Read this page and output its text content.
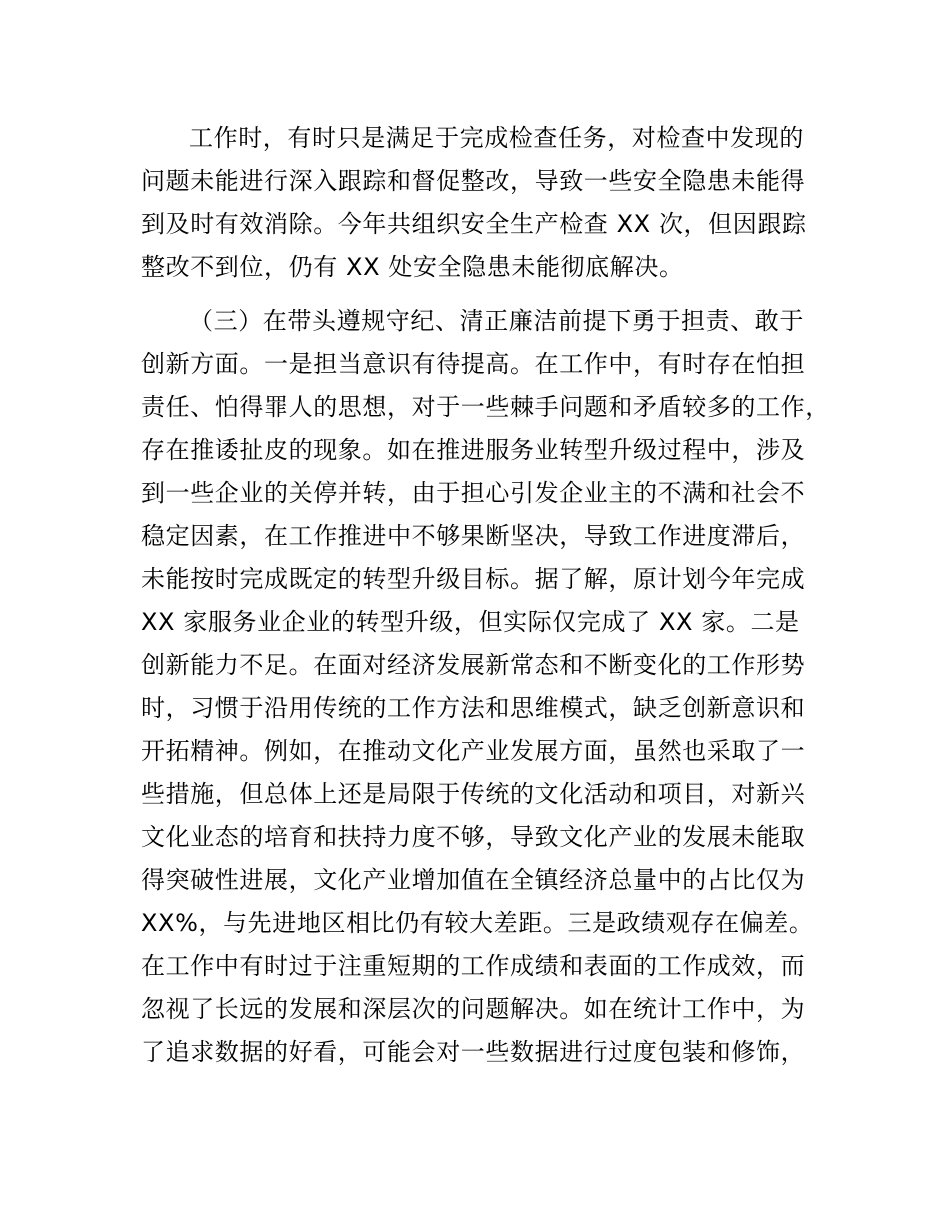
工作时，有时只是满足于完成检查任务，对检查中发现的
问题未能进行深入跟踪和督促整改，导致一些安全隐患未能得
到及时有效消除。今年共组织安全生产检查 XX 次，但因跟踪
整改不到位，仍有 XX 处安全隐患未能彻底解决。
（三）在带头遵规守纪、清正廉洁前提下勇于担责、敢于
创新方面。一是担当意识有待提高。在工作中，有时存在怕担
责任、怕得罪人的思想，对于一些棘手问题和矛盾较多的工作，
存在推诿扯皮的现象。如在推进服务业转型升级过程中，涉及
到一些企业的关停并转，由于担心引发企业主的不满和社会不
稳定因素，在工作推进中不够果断坚决，导致工作进度滞后，
未能按时完成既定的转型升级目标。据了解，原计划今年完成
XX 家服务业企业的转型升级，但实际仅完成了 XX 家。二是
创新能力不足。在面对经济发展新常态和不断变化的工作形势
时，习惯于沿用传统的工作方法和思维模式，缺乏创新意识和
开拓精神。例如，在推动文化产业发展方面，虽然也采取了一
些措施，但总体上还是局限于传统的文化活动和项目，对新兴
文化业态的培育和扶持力度不够，导致文化产业的发展未能取
得突破性进展，文化产业增加值在全镇经济总量中的占比仅为
XX%，与先进地区相比仍有较大差距。三是政绩观存在偏差。
在工作中有时过于注重短期的工作成绩和表面的工作成效，而
忽视了长远的发展和深层次的问题解决。如在统计工作中，为
了追求数据的好看，可能会对一些数据进行过度包装和修饰，
